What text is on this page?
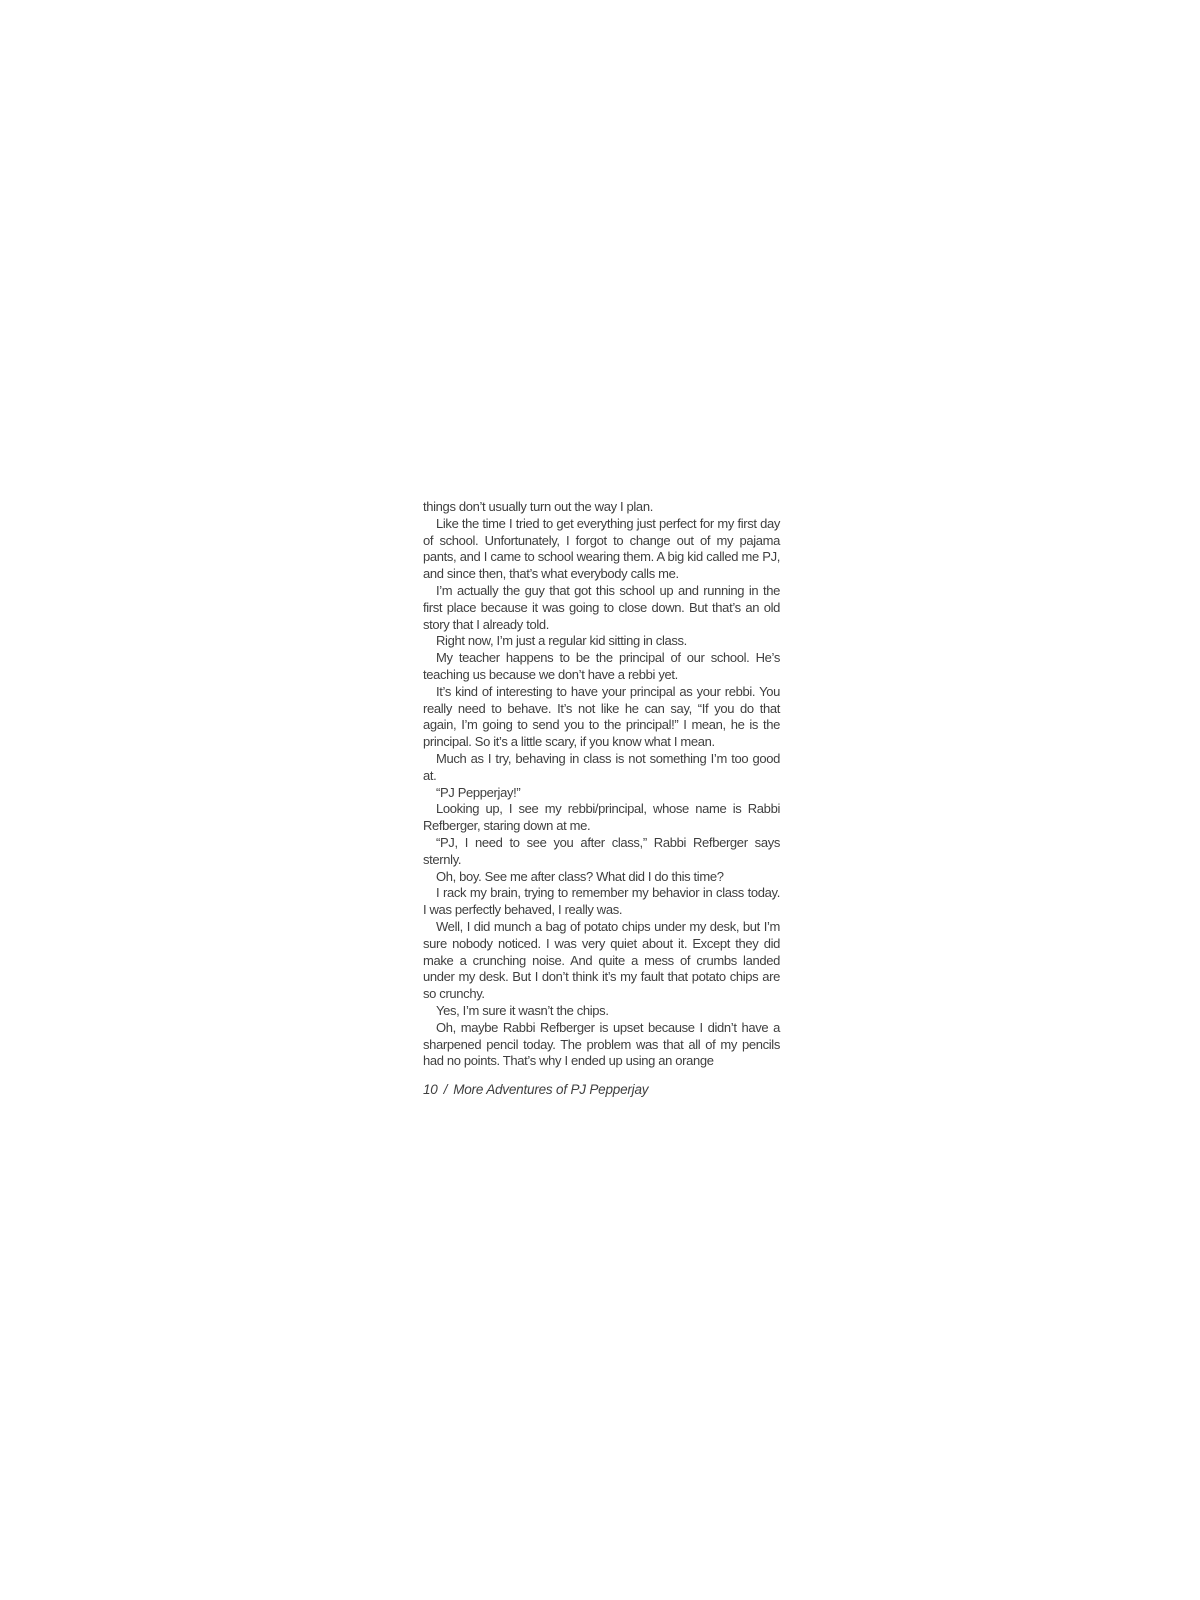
things don’t usually turn out the way I plan.

Like the time I tried to get everything just perfect for my first day of school. Unfortunately, I forgot to change out of my pajama pants, and I came to school wearing them. A big kid called me PJ, and since then, that’s what everybody calls me.

I’m actually the guy that got this school up and running in the first place because it was going to close down. But that’s an old story that I already told.

Right now, I’m just a regular kid sitting in class.

My teacher happens to be the principal of our school. He’s teaching us because we don’t have a rebbi yet.

It’s kind of interesting to have your principal as your rebbi. You really need to behave. It’s not like he can say, “If you do that again, I’m going to send you to the principal!” I mean, he is the principal. So it’s a little scary, if you know what I mean.

Much as I try, behaving in class is not something I’m too good at.

“PJ Pepperjay!”

Looking up, I see my rebbi/principal, whose name is Rabbi Refberger, staring down at me.

“PJ, I need to see you after class,” Rabbi Refberger says sternly.

Oh, boy. See me after class? What did I do this time?

I rack my brain, trying to remember my behavior in class today. I was perfectly behaved, I really was.

Well, I did munch a bag of potato chips under my desk, but I’m sure nobody noticed. I was very quiet about it. Except they did make a crunching noise. And quite a mess of crumbs landed under my desk. But I don’t think it’s my fault that potato chips are so crunchy.

Yes, I’m sure it wasn’t the chips.

Oh, maybe Rabbi Refberger is upset because I didn’t have a sharpened pencil today. The problem was that all of my pencils had no points. That’s why I ended up using an orange

10 / More Adventures of PJ Pepperjay
